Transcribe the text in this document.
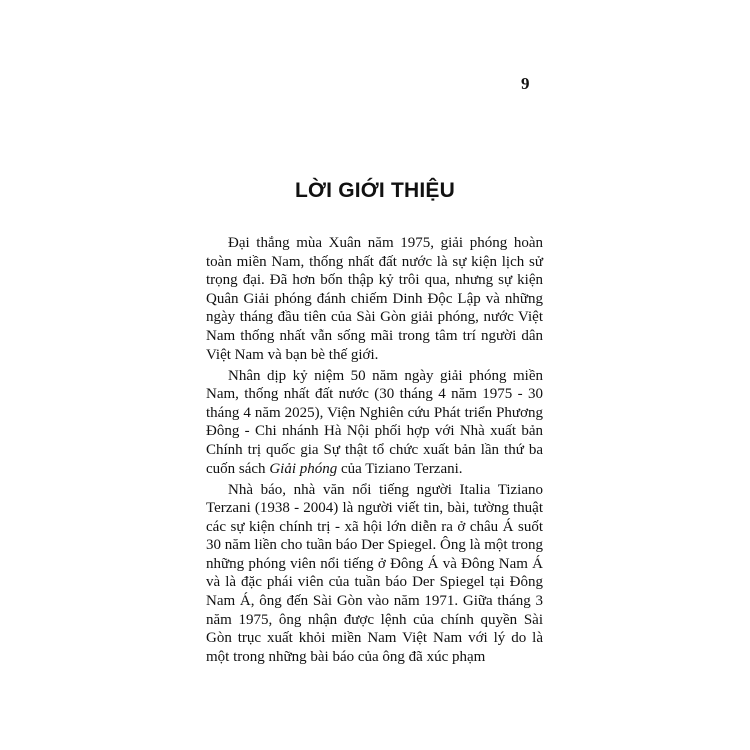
9
LỜI GIỚI THIỆU

Đại thắng mùa Xuân năm 1975, giải phóng hoàn toàn miền Nam, thống nhất đất nước là sự kiện lịch sử trọng đại. Đã hơn bốn thập kỷ trôi qua, nhưng sự kiện Quân Giải phóng đánh chiếm Dinh Độc Lập và những ngày tháng đầu tiên của Sài Gòn giải phóng, nước Việt Nam thống nhất vẫn sống mãi trong tâm trí người dân Việt Nam và bạn bè thế giới.

Nhân dịp kỷ niệm 50 năm ngày giải phóng miền Nam, thống nhất đất nước (30 tháng 4 năm 1975 - 30 tháng 4 năm 2025), Viện Nghiên cứu Phát triển Phương Đông - Chi nhánh Hà Nội phối hợp với Nhà xuất bản Chính trị quốc gia Sự thật tổ chức xuất bản lần thứ ba cuốn sách Giải phóng của Tiziano Terzani.

Nhà báo, nhà văn nổi tiếng người Italia Tiziano Terzani (1938 - 2004) là người viết tin, bài, tường thuật các sự kiện chính trị - xã hội lớn diễn ra ở châu Á suốt 30 năm liền cho tuần báo Der Spiegel. Ông là một trong những phóng viên nổi tiếng ở Đông Á và Đông Nam Á và là đặc phái viên của tuần báo Der Spiegel tại Đông Nam Á, ông đến Sài Gòn vào năm 1971. Giữa tháng 3 năm 1975, ông nhận được lệnh của chính quyền Sài Gòn trục xuất khỏi miền Nam Việt Nam với lý do là một trong những bài báo của ông đã xúc phạm
